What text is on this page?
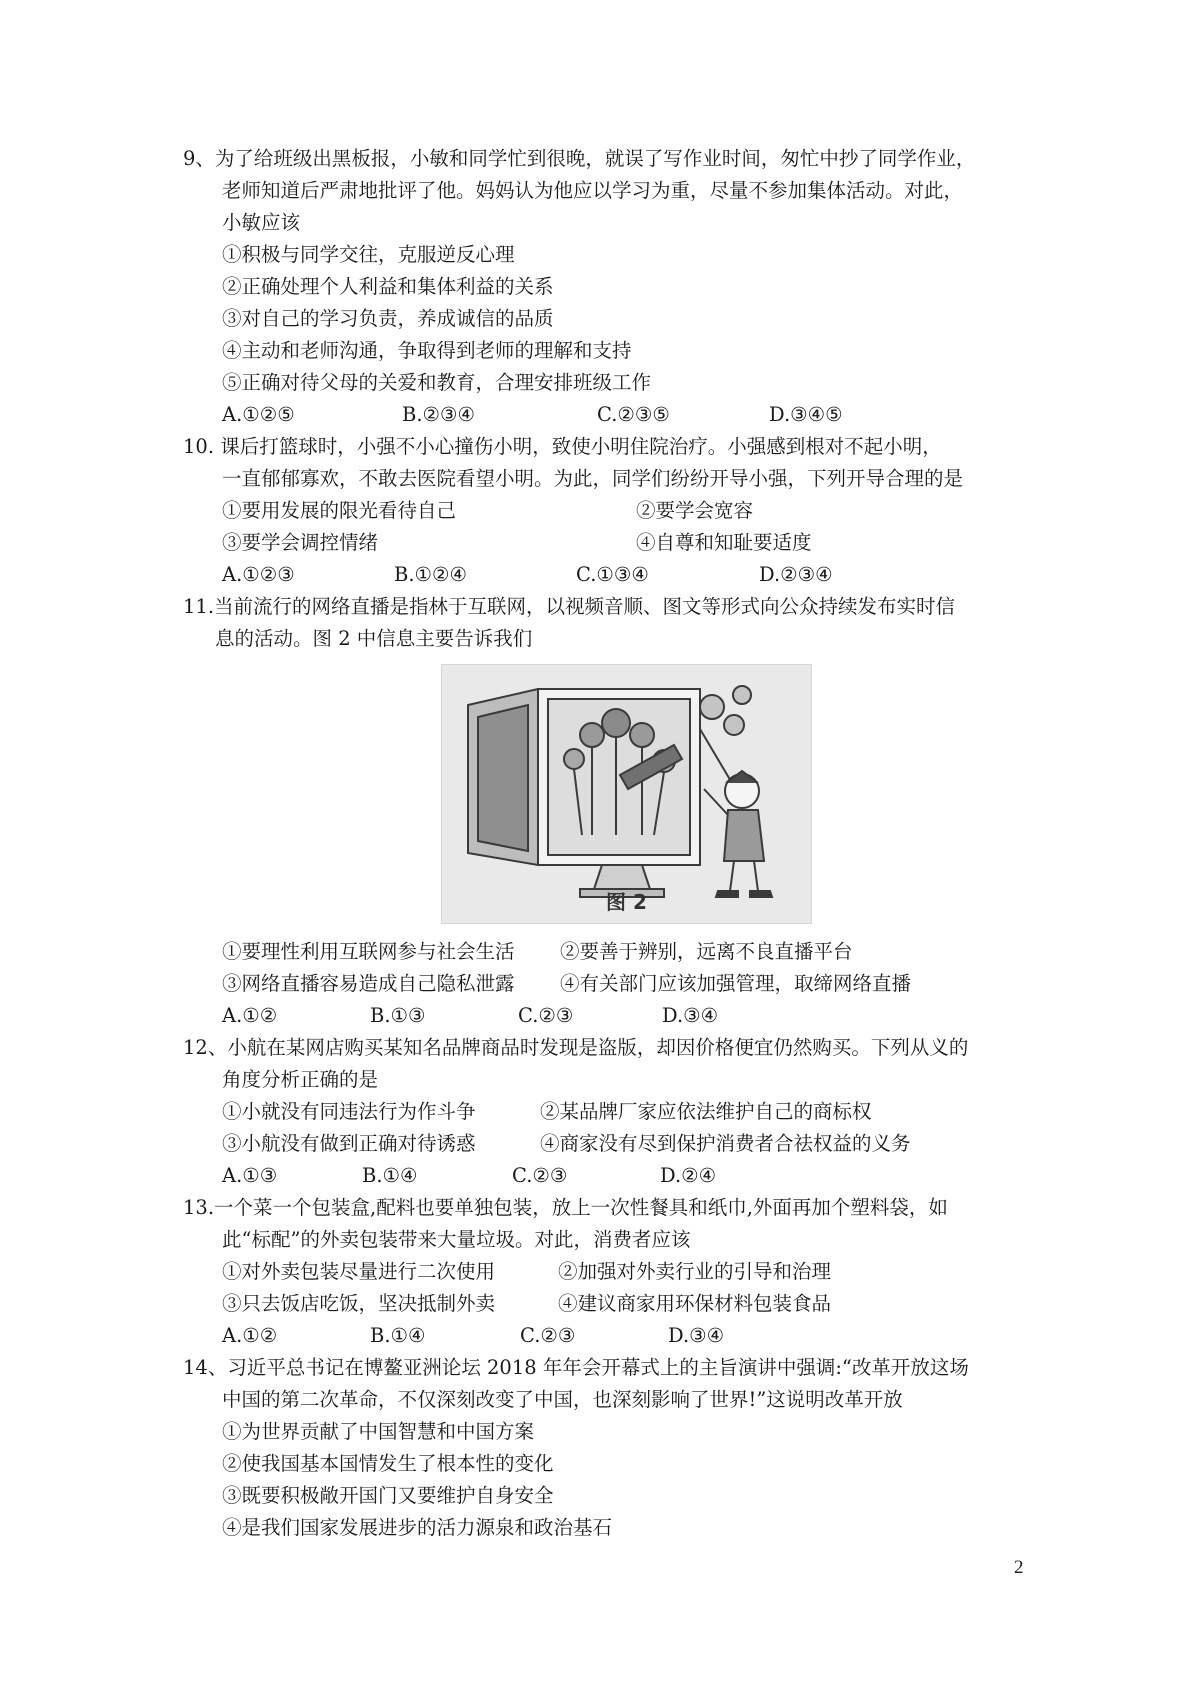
9、为了给班级出黑板报，小敏和同学忙到很晚，就误了写作业时间，匆忙中抄了同学作业，
老师知道后严肃地批评了他。妈妈认为他应以学习为重，尽量不参加集体活动。对此，
小敏应该
①积极与同学交往，克服逆反心理
②正确处理个人利益和集体利益的关系
③对自己的学习负责，养成诚信的品质
④主动和老师沟通，争取得到老师的理解和支持
⑤正确对待父母的关爱和教育，合理安排班级工作
A.①②⑤	B.②③④	C.②③⑤	D.③④⑤
10. 课后打篮球时，小强不小心撞伤小明，致使小明住院治疗。小强感到根对不起小明，
一直郁郁寡欢，不敢去医院看望小明。为此，同学们纷纷开导小强，下列开导合理的是
①要用发展的限光看待自己	②要学会宽容
③要学会调控情绪	④自尊和知耻要适度
A.①②③	B.①②④	C.①③④	D.②③④
11.当前流行的网络直播是指林于互联网，以视频音顺、图文等形式向公众持续发布实时信
息的活动。图 2 中信息主要告诉我们
图 2
①要理性利用互联网参与社会生活 ②要善于辨别，远离不良直播平台
③网络直播容易造成自己隐私泄露 ④有关部门应该加强管理，取缔网络直播
A.①②	B.①③	C.②③	D.③④
12、小航在某网店购买某知名品牌商品时发现是盗版，却因价格便宜仍然购买。下列从义的
角度分析正确的是
①小就没有同违法行为作斗争	②某品牌厂家应依法维护自己的商标权
③小航没有做到正确对待诱惑	④商家没有尽到保护消费者合祛权益的义务
A.①③	B.①④	C.②③	D.②④
13.一个菜一个包装盒,配料也要单独包装，放上一次性餐具和纸巾,外面再加个塑料袋，如
此“标配”的外卖包装带来大量垃圾。对此，消费者应该
①对外卖包装尽量进行二次使用	②加强对外卖行业的引导和治理
③只去饭店吃饭，坚决抵制外卖	④建议商家用环保材料包装食品
A.①②	B.①④	C.②③	D.③④
14、习近平总书记在博鳌亚洲论坛 2018 年年会开幕式上的主旨演讲中强调:“改革开放这场
中国的第二次革命，不仅深刻改变了中国，也深刻影响了世界!”这说明改革开放
①为世界贡献了中国智慧和中国方案
②使我国基本国情发生了根本性的变化
③既要积极敞开国门又要维护自身安全
④是我们国家发展进步的活力源泉和政治基石
2
